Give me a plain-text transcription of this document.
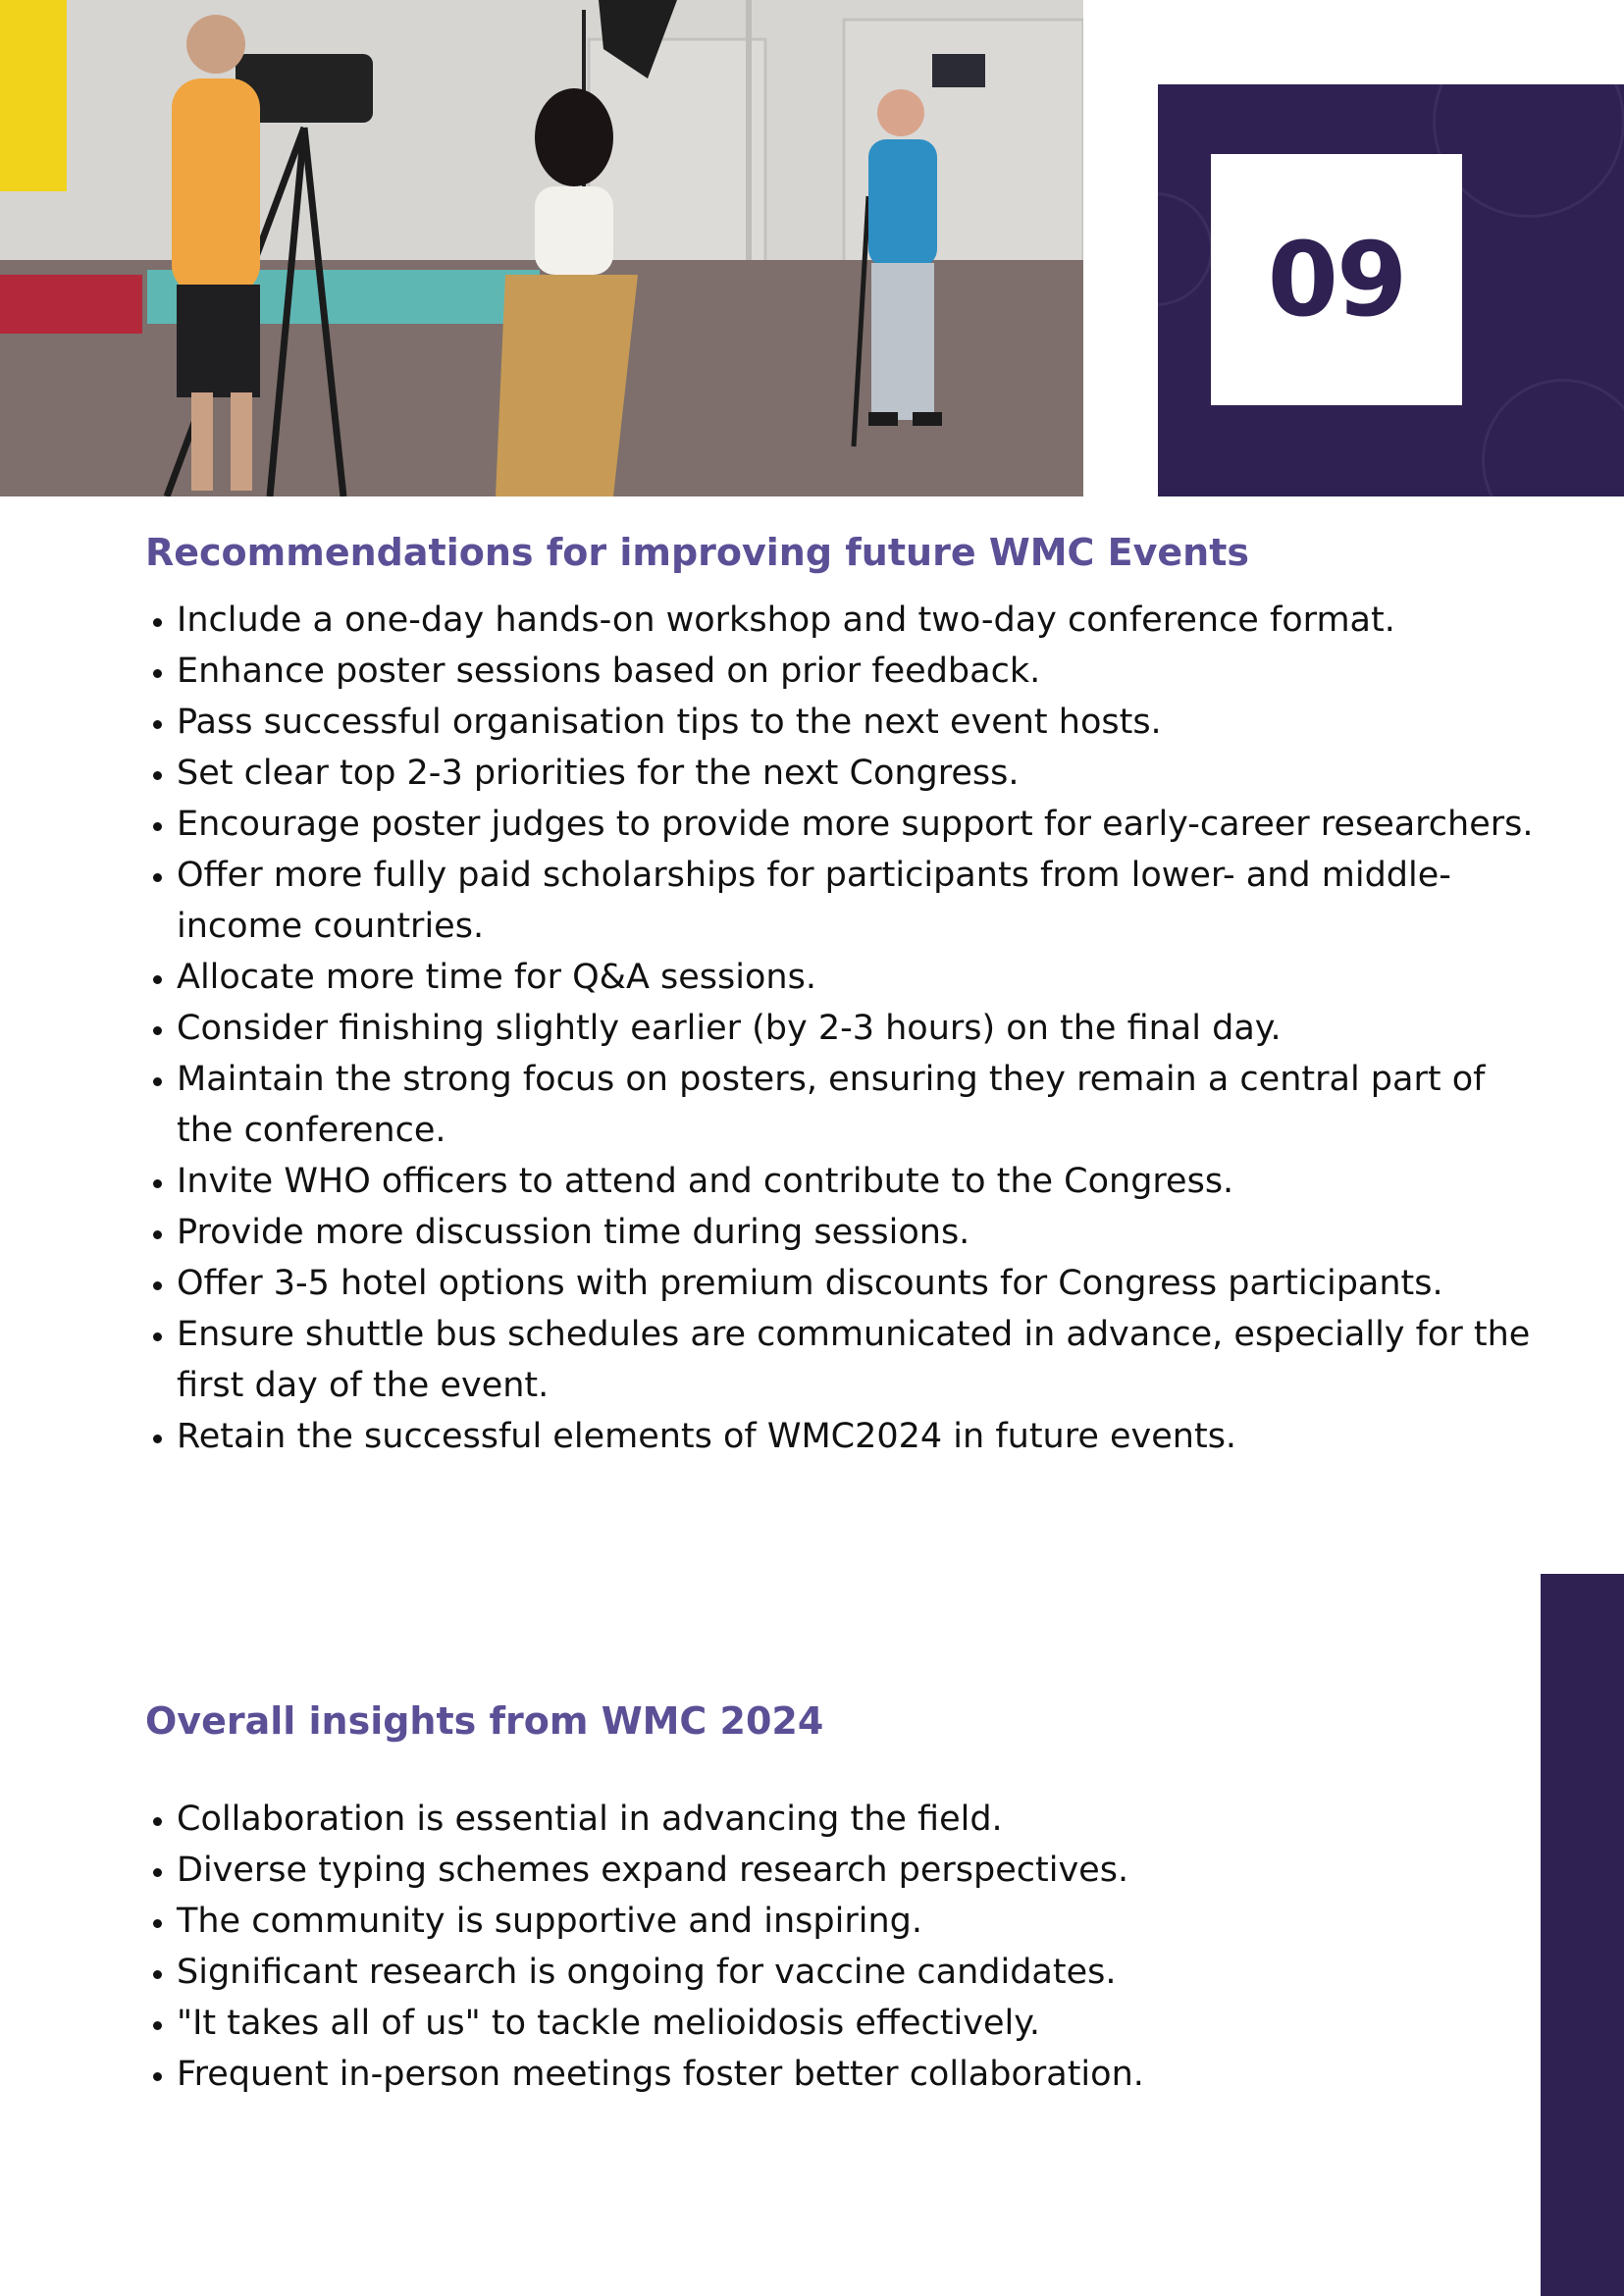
09
Recommendations for improving future WMC Events
• Include a one-day hands-on workshop and two-day conference format.
• Enhance poster sessions based on prior feedback.
• Pass successful organisation tips to the next event hosts.
• Set clear top 2-3 priorities for the next Congress.
• Encourage poster judges to provide more support for early-career researchers.
• Offer more fully paid scholarships for participants from lower- and middle-income countries.
• Allocate more time for Q&A sessions.
• Consider finishing slightly earlier (by 2-3 hours) on the final day.
• Maintain the strong focus on posters, ensuring they remain a central part of the conference.
• Invite WHO officers to attend and contribute to the Congress.
• Provide more discussion time during sessions.
• Offer 3-5 hotel options with premium discounts for Congress participants.
• Ensure shuttle bus schedules are communicated in advance, especially for the first day of the event.
• Retain the successful elements of WMC2024 in future events.
Overall insights from WMC 2024
• Collaboration is essential in advancing the field.
• Diverse typing schemes expand research perspectives.
• The community is supportive and inspiring.
• Significant research is ongoing for vaccine candidates.
• "It takes all of us" to tackle melioidosis effectively.
• Frequent in-person meetings foster better collaboration.
